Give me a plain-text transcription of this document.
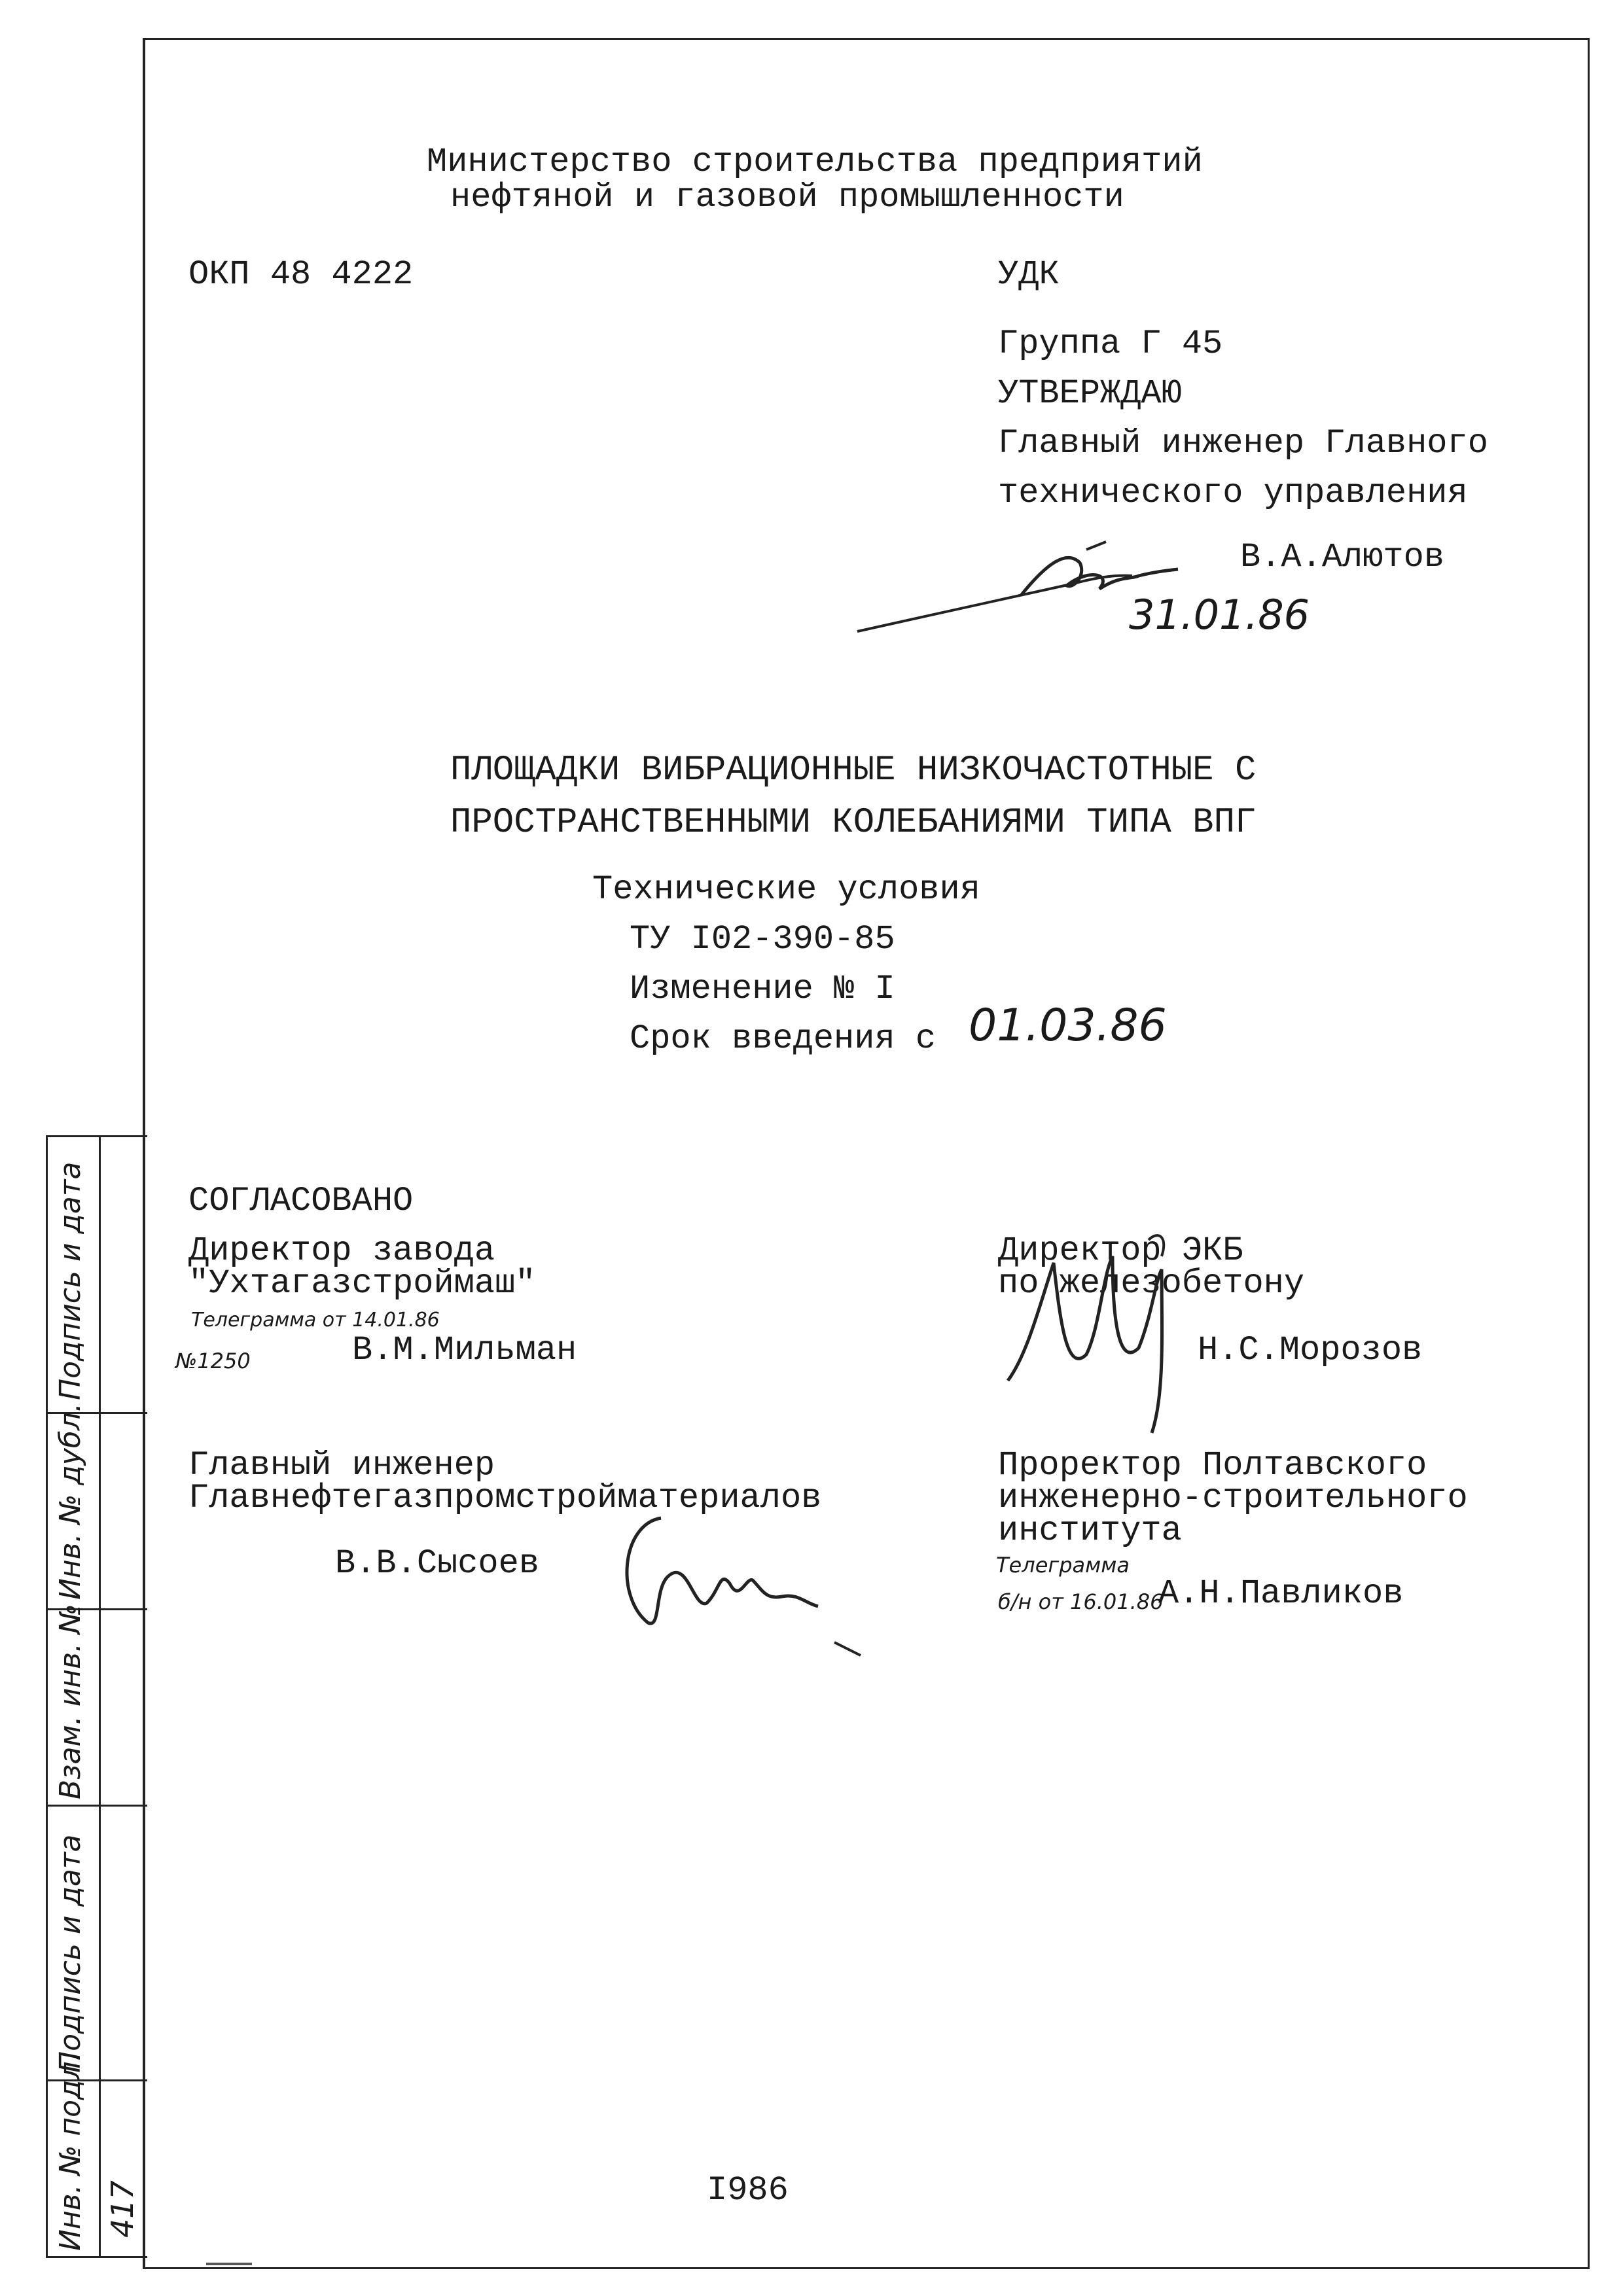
Министерство строительства предприятий
нефтяной и газовой промышленности
ОКП 48 4222	УДК
Группа Г 45
УТВЕРЖДАЮ
Главный инженер Главного
технического управления
В.А.Алютов
31.01.86
ПЛОЩАДКИ ВИБРАЦИОННЫЕ НИЗКОЧАСТОТНЫЕ С
ПРОСТРАНСТВЕННЫМИ КОЛЕБАНИЯМИ ТИПА ВПГ
Технические условия
ТУ I02-390-85
Изменение № I
Срок введения с 01.03.86
СОГЛАСОВАНО
Директор завода
"Ухтагазстроймаш"
Телеграмма от 14.01.86
№1250	В.М.Мильман
Директор ЭКБ
по железобетону
Н.С.Морозов
Главный инженер
Главнефтегазпромстройматериалов
В.В.Сысоев
Проректор Полтавского
инженерно-строительного
института
Телеграмма
б/н от 16.01.86
А.Н.Павликов
I986
Подпись и дата
Инв. № дубл.
Взам. инв. №
Подпись и дата
Инв. № подл. 417
